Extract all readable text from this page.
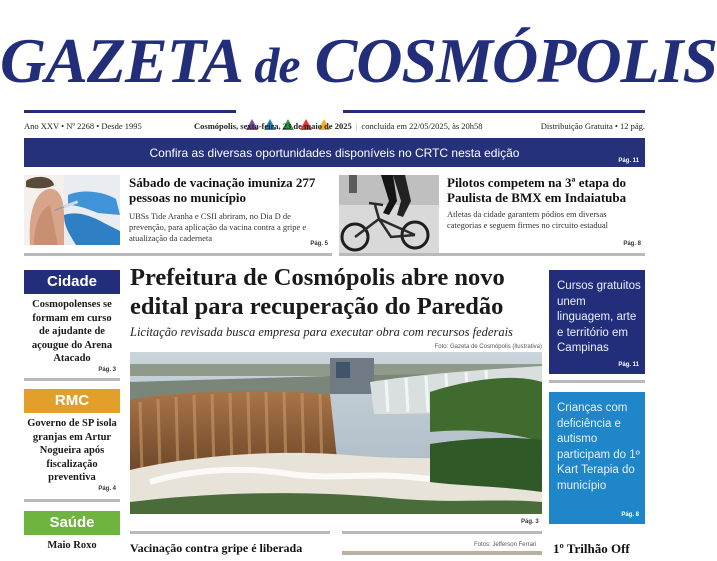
GAZETA de COSMÓPOLIS
Ano XXV • Nº 2268 • Desde 1995	Cosmópolis, sexta-feira, 23 de maio de 2025 | concluída em 22/05/2025, às 20h58	Distribuição Gratuita • 12 pág.
Confira as diversas oportunidades disponíveis no CRTC nesta edição
Pág. 11
Sábado de vacinação imuniza 277 pessoas no município

UBSs Tide Aranha e CSII abriram, no Dia D de prevenção, para aplicação da vacina contra a gripe e atualização da caderneta

Pág. 5
Pilotos competem na 3ª etapa do Paulista de BMX em Indaiatuba

Atletas da cidade garantem pódios em diversas categorias e seguem firmes no circuito estadual

Pág. 8
Cidade
Cosmopolenses se formam em curso de ajudante de açougue do Arena Atacado
Pág. 3
RMC
Governo de SP isola granjas em Artur Nogueira após fiscalização preventiva
Pág. 4
Saúde
Maio Roxo
Prefeitura de Cosmópolis abre novo edital para recuperação do Paredão
Licitação revisada busca empresa para executar obra com recursos federais
Foto: Gazeta de Cosmópolis (Ilustrativa)
Pág. 3
Cursos gratuitos unem linguagem, arte e território em Campinas
Pág. 11
Crianças com deficiência e autismo participam do 1º Kart Terapia do município
Pág. 8
Vacinação contra gripe é liberada	Fotos: Jefferson Ferrari 1º Trilhão Off
